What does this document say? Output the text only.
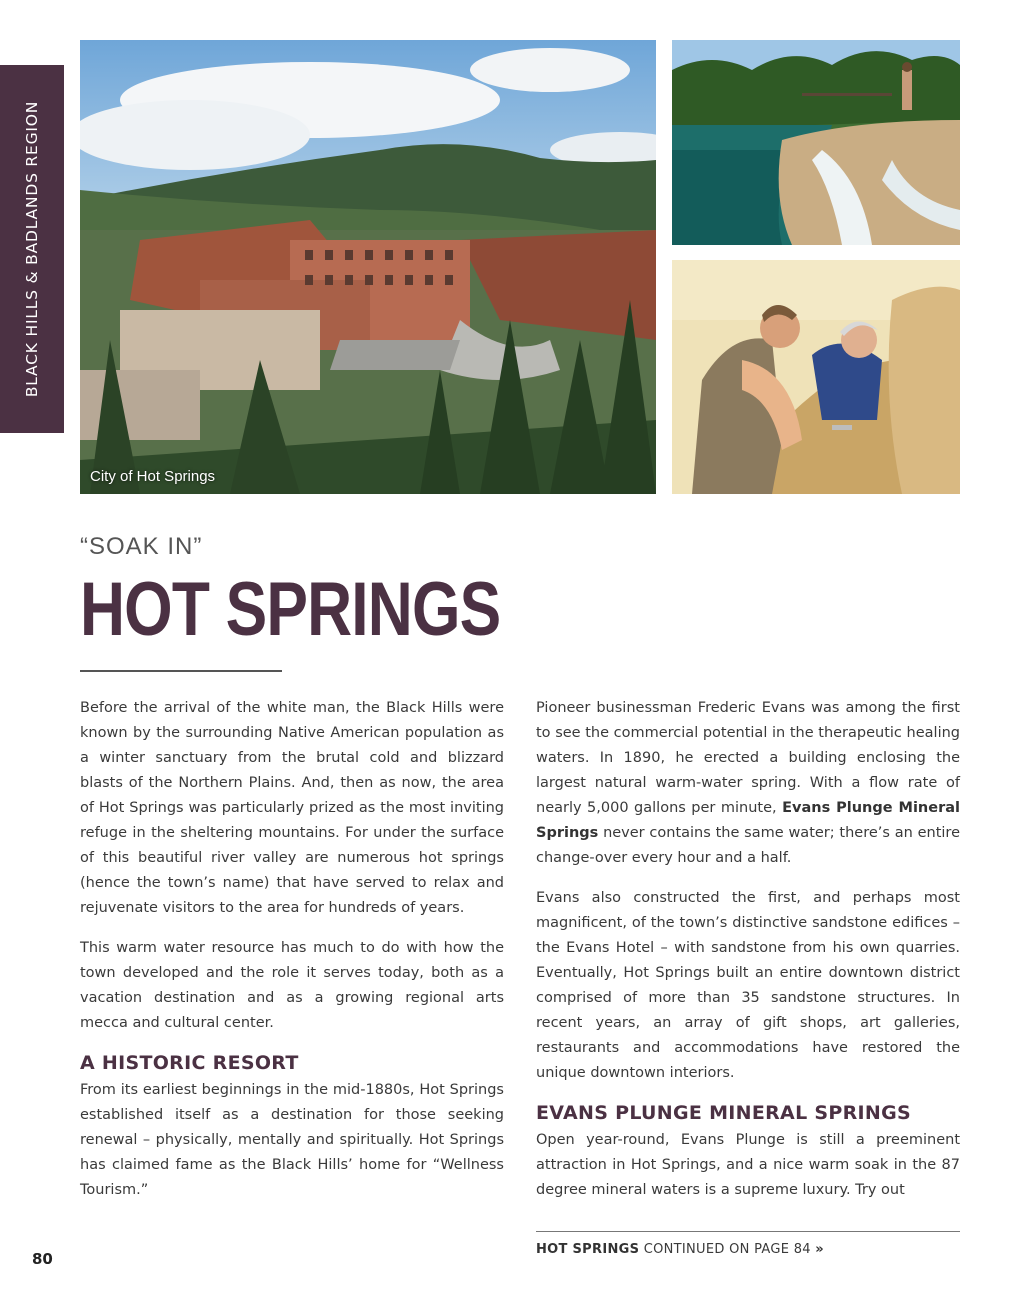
BLACK HILLS & BADLANDS REGION
City of Hot Springs
“SOAK IN”
HOT SPRINGS

Before the arrival of the white man, the Black Hills were known by the surrounding Native American population as a winter sanctuary from the brutal cold and blizzard blasts of the Northern Plains. And, then as now, the area of Hot Springs was particularly prized as the most inviting refuge in the sheltering mountains. For under the surface of this beautiful river valley are numerous hot springs (hence the town’s name) that have served to relax and rejuvenate visitors to the area for hundreds of years.

This warm water resource has much to do with how the town developed and the role it serves today, both as a vacation destination and as a growing regional arts mecca and cultural center.

A HISTORIC RESORT

From its earliest beginnings in the mid-1880s, Hot Springs established itself as a destination for those seeking renewal – physically, mentally and spiritually. Hot Springs has claimed fame as the Black Hills’ home for “Wellness Tourism.”

Pioneer businessman Frederic Evans was among the first to see the commercial potential in the therapeutic healing waters. In 1890, he erected a building enclosing the largest natural warm-water spring. With a flow rate of nearly 5,000 gallons per minute, Evans Plunge Mineral Springs never contains the same water; there’s an entire change-over every hour and a half.

Evans also constructed the first, and perhaps most magnificent, of the town’s distinctive sandstone edifices – the Evans Hotel – with sandstone from his own quarries. Eventually, Hot Springs built an entire downtown district comprised of more than 35 sandstone structures. In recent years, an array of gift shops, art galleries, restaurants and accommodations have restored the unique downtown interiors.

EVANS PLUNGE MINERAL SPRINGS

Open year-round, Evans Plunge is still a preeminent attraction in Hot Springs, and a nice warm soak in the 87 degree mineral waters is a supreme luxury. Try out

HOT SPRINGS CONTINUED ON PAGE 84 »
80
